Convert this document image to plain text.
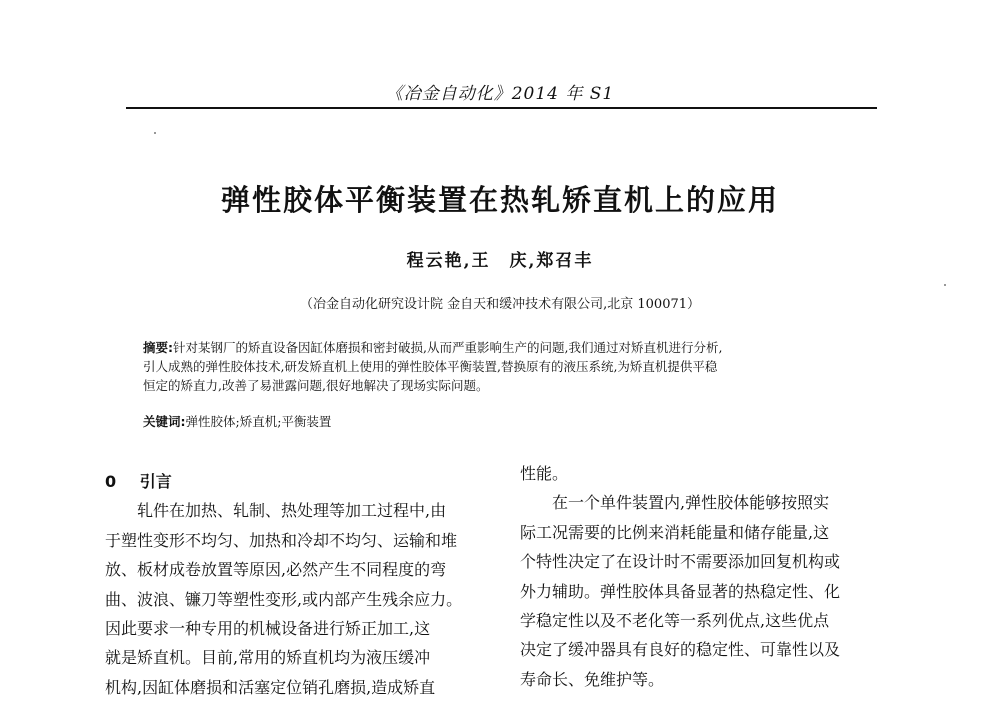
《冶金自动化》2014 年 S1
弹性胶体平衡装置在热轧矫直机上的应用
程云艳,王　庆,郑召丰
（冶金自动化研究设计院 金自天和缓冲技术有限公司,北京 100071）
摘要:针对某钢厂的矫直设备因缸体磨损和密封破损,从而严重影响生产的问题,我们通过对矫直机进行分析,
引人成熟的弹性胶体技术,研发矫直机上使用的弹性胶体平衡装置,替换原有的液压系统,为矫直机提供平稳
恒定的矫直力,改善了易泄露问题,很好地解决了现场实际问题。
关键词:弹性胶体;矫直机;平衡装置
0 引言
　　轧件在加热、轧制、热处理等加工过程中,由
于塑性变形不均匀、加热和冷却不均匀、运输和堆
放、板材成卷放置等原因,必然产生不同程度的弯
曲、波浪、镰刀等塑性变形,或内部产生残余应力。
因此要求一种专用的机械设备进行矫正加工,这
就是矫直机。目前,常用的矫直机均为液压缓冲
机构,因缸体磨损和活塞定位销孔磨损,造成矫直
性能。
　　在一个单件装置内,弹性胶体能够按照实
际工况需要的比例来消耗能量和储存能量,这
个特性决定了在设计时不需要添加回复机构或
外力辅助。弹性胶体具备显著的热稳定性、化
学稳定性以及不老化等一系列优点,这些优点
决定了缓冲器具有良好的稳定性、可靠性以及
寿命长、免维护等。
